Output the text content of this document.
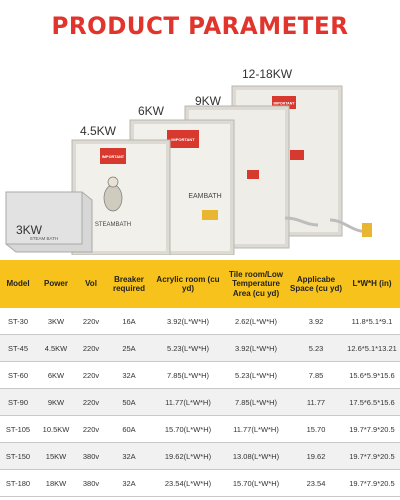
PRODUCT PARAMETER
IMPORTANT
IMPORTANT
EAMBATH
IMPORTANT
STEAMBATH
STEAM BATH
3KW
4.5KW
6KW
9KW
12-18KW
Model	Power	Vol	Breaker required	Acrylic room (cu yd)	Tile room/Low Temperature Area (cu yd)	Applicabe Space (cu yd)	L*W*H (in)
ST-30	3KW	220v	16A	3.92(L*W*H)	2.62(L*W*H)	3.92	11.8*5.1*9.1
ST-45	4.5KW	220v	25A	5.23(L*W*H)	3.92(L*W*H)	5.23	12.6*5.1*13.21
ST-60	6KW	220v	32A	7.85(L*W*H)	5.23(L*W*H)	7.85	15.6*5.9*15.6
ST-90	9KW	220v	50A	11.77(L*W*H)	7.85(L*W*H)	11.77	17.5*6.5*15.6
ST-105	10.5KW	220v	60A	15.70(L*W*H)	11.77(L*W*H)	15.70	19.7*7.9*20.5
ST-150	15KW	380v	32A	19.62(L*W*H)	13.08(L*W*H)	19.62	19.7*7.9*20.5
ST-180	18KW	380v	32A	23.54(L*W*H)	15.70(L*W*H)	23.54	19.7*7.9*20.5
